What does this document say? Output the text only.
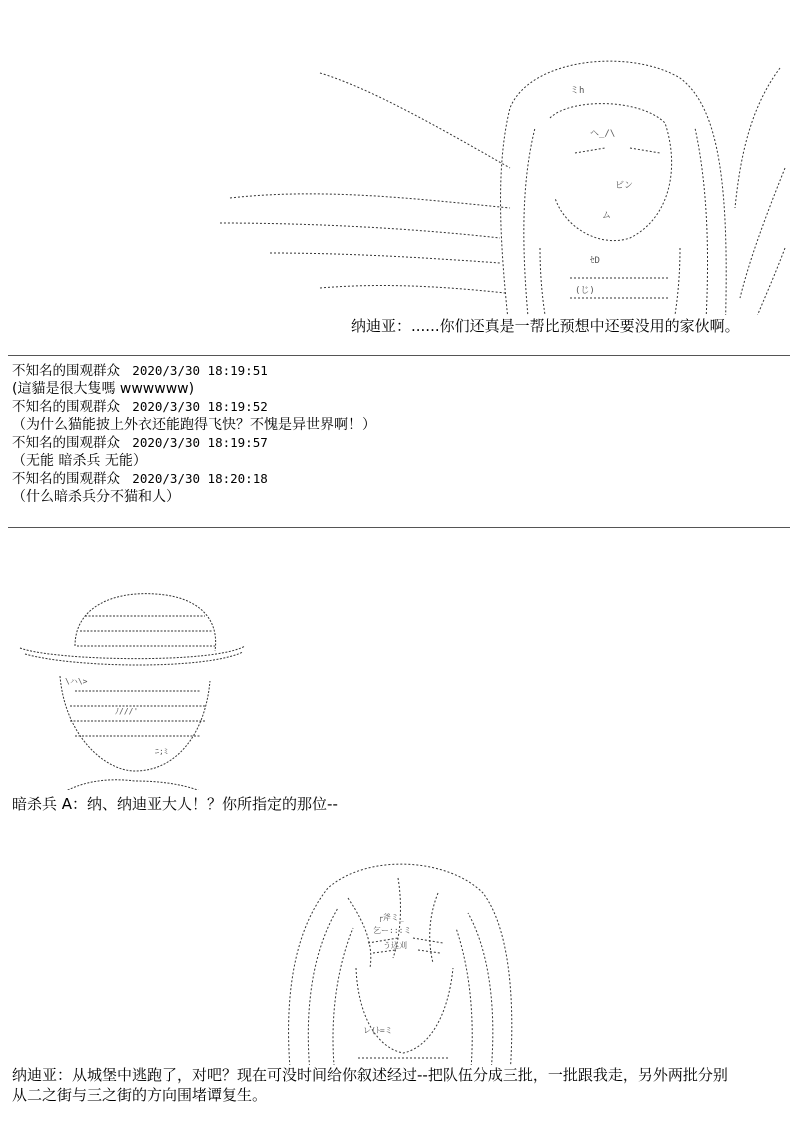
ミh
ヘ_/\
ビン
ム
ｾD
(じ)

纳迪亚：......你们还真是一帮比预想中还要没用的家伙啊。
不知名的围观群众 2020/3/30 18:19:51
(這貓是很大隻嗎 wwwwww)
不知名的围观群众 2020/3/30 18:19:52
（为什么猫能披上外衣还能跑得飞快？不愧是异世界啊！）
不知名的围观群众 2020/3/30 18:19:57
（无能 暗杀兵 无能）
不知名的围观群众 2020/3/30 18:20:18
（什么暗杀兵分不猫和人）

\ハ\>
ﾉ///'
ﾆ;ﾐ

暗杀兵 A：纳、纳迪亚大人！？你所指定的那位--

┌斧ミ_
乞ー:::ミ
う込刈
レ(ﾄ=ミ

纳迪亚：从城堡中逃跑了，对吧？现在可没时间给你叙述经过--把队伍分成三批，一批跟我走，另外两批分别
从二之街与三之街的方向围堵谭复生。
